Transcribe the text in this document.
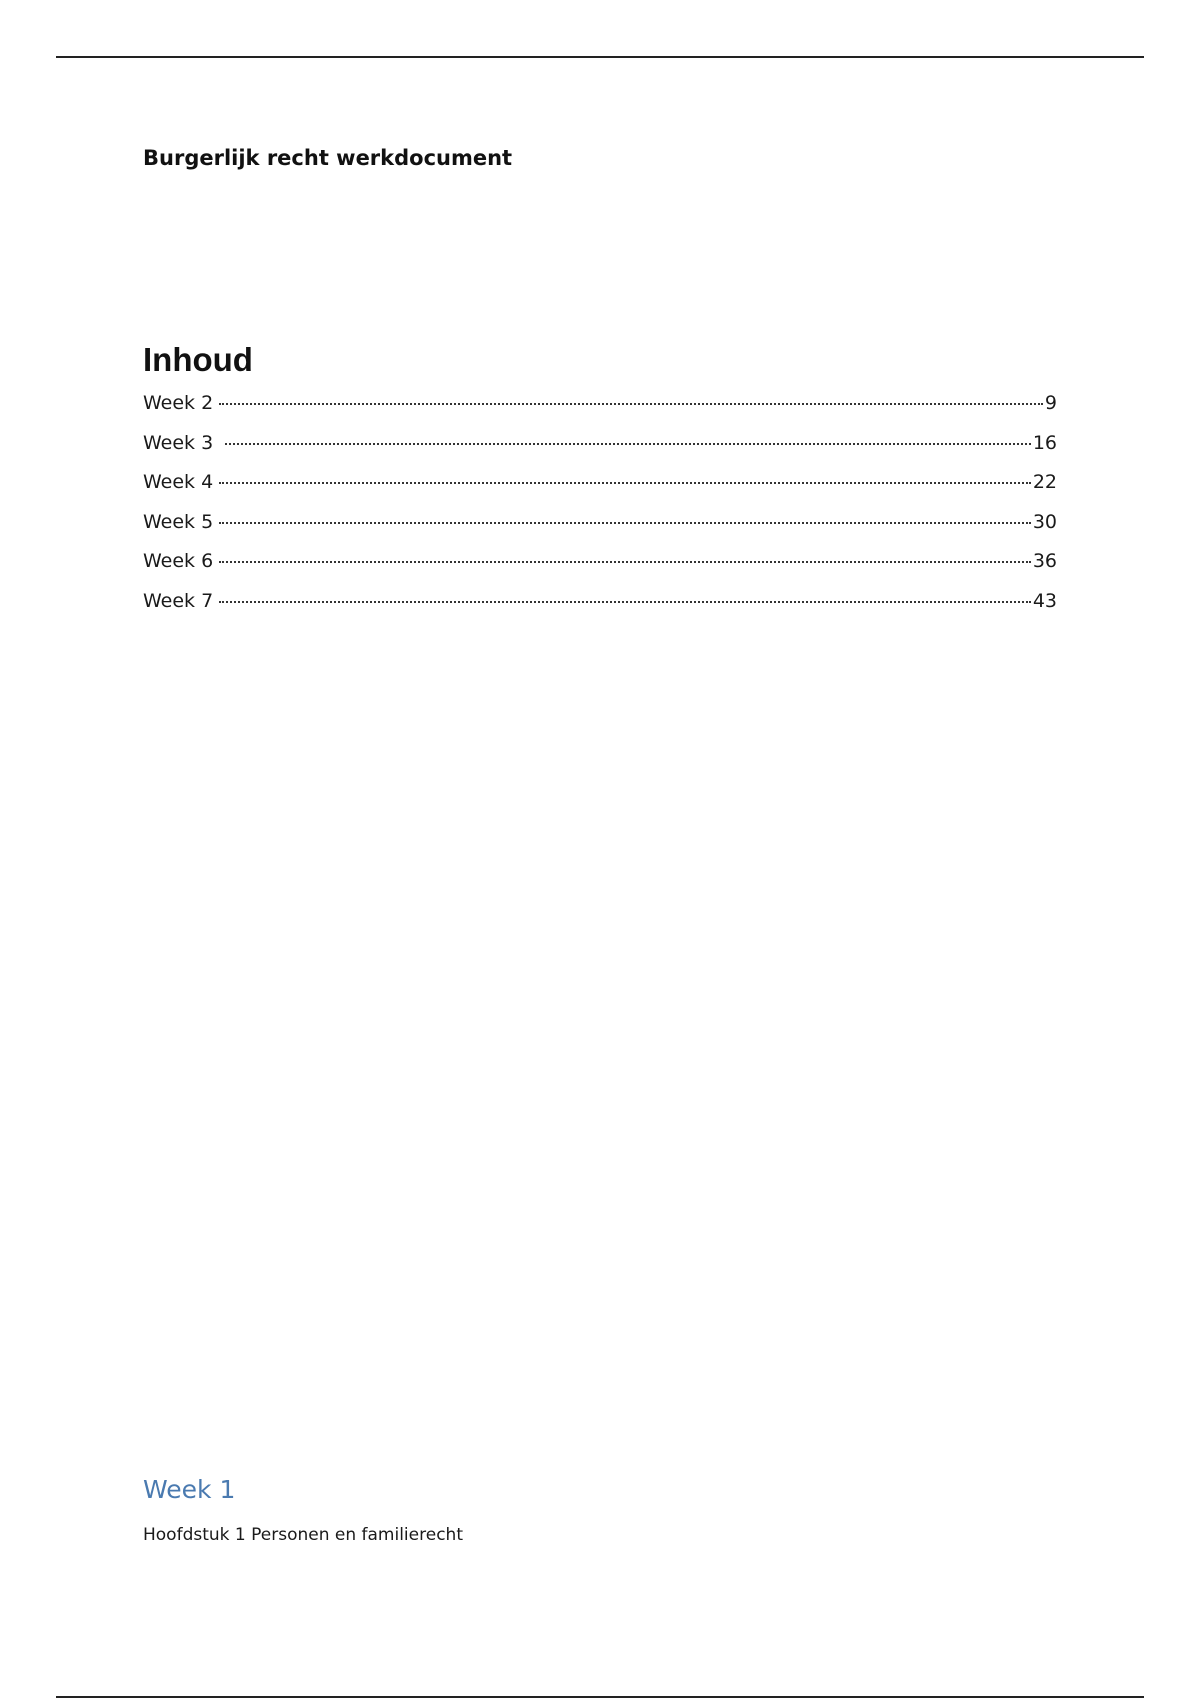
Burgerlijk recht werkdocument
Inhoud
Week 2	9
Week 3	16
Week 4	22
Week 5	30
Week 6	36
Week 7	43
Week 1

Hoofdstuk 1 Personen en familierecht
